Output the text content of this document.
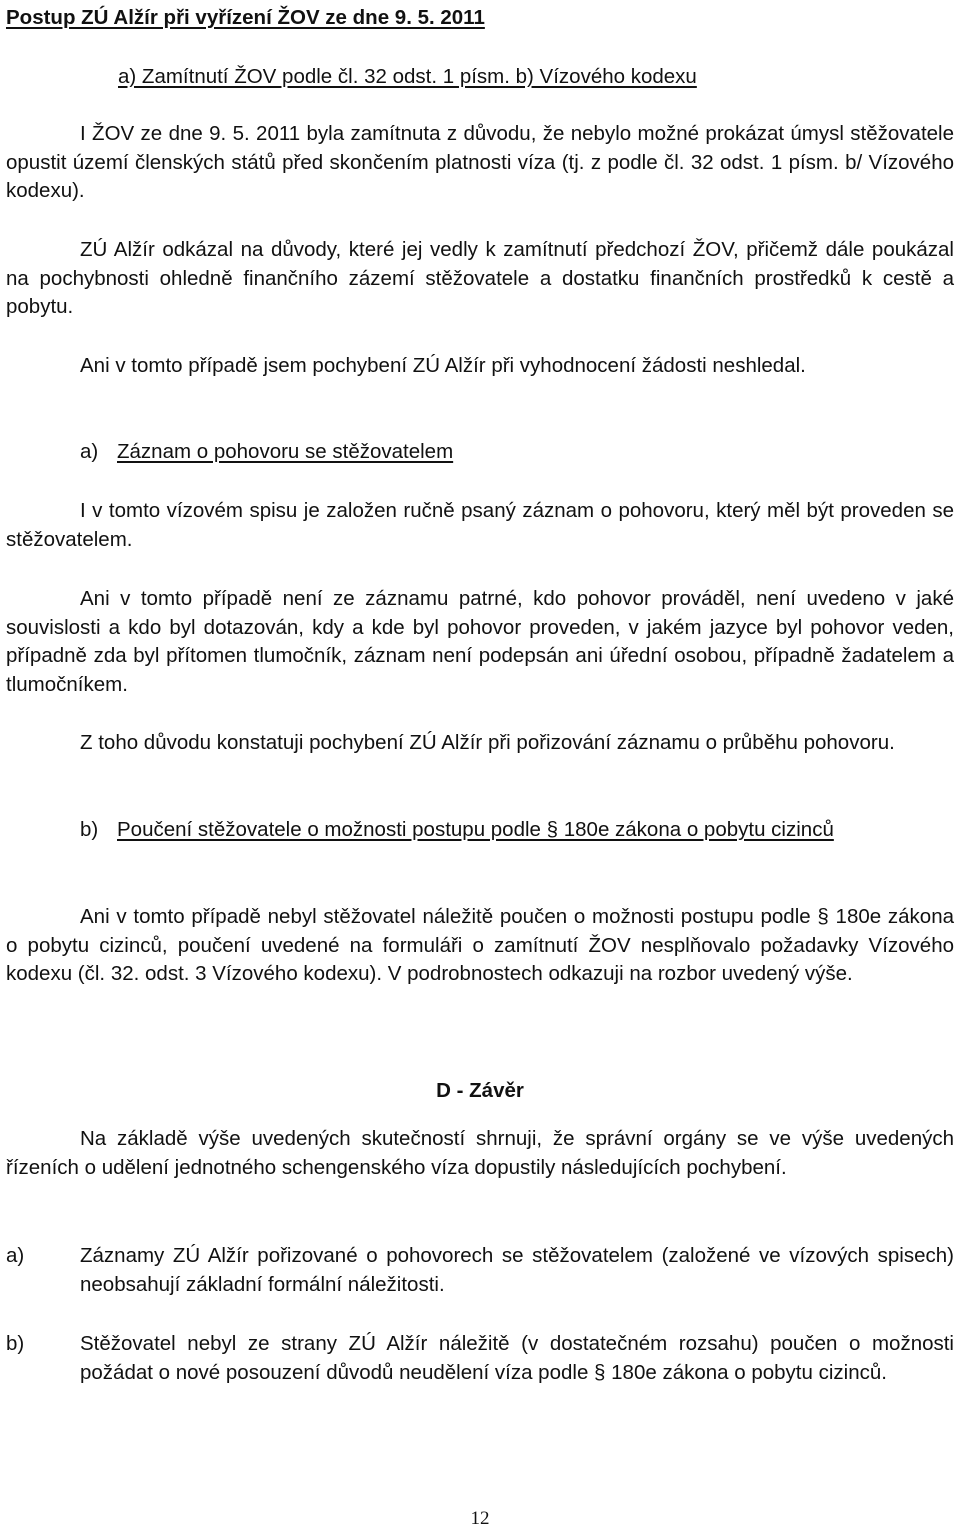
Postup ZÚ Alžír při vyřízení ŽOV ze dne 9. 5. 2011
a) Zamítnutí ŽOV podle čl. 32 odst. 1 písm. b) Vízového kodexu

I ŽOV ze dne 9. 5. 2011 byla zamítnuta z důvodu, že nebylo možné prokázat úmysl stěžovatele opustit území členských států před skončením platnosti víza (tj. z podle čl. 32 odst. 1 písm. b/ Vízového kodexu).

ZÚ Alžír odkázal na důvody, které jej vedly k zamítnutí předchozí ŽOV, přičemž dále poukázal na pochybnosti ohledně finančního zázemí stěžovatele a dostatku finančních prostředků k cestě a pobytu.

Ani v tomto případě jsem pochybení ZÚ Alžír při vyhodnocení žádosti neshledal.

a) Záznam o pohovoru se stěžovatelem

I v tomto vízovém spisu je založen ručně psaný záznam o pohovoru, který měl být proveden se stěžovatelem.

Ani v tomto případě není ze záznamu patrné, kdo pohovor prováděl, není uvedeno v jaké souvislosti a kdo byl dotazován, kdy a kde byl pohovor proveden, v jakém jazyce byl pohovor veden, případně zda byl přítomen tlumočník, záznam není podepsán ani úřední osobou, případně žadatelem a tlumočníkem.

Z toho důvodu konstatuji pochybení ZÚ Alžír při pořizování záznamu o průběhu pohovoru.

b) Poučení stěžovatele o možnosti postupu podle § 180e zákona o pobytu cizinců

Ani v tomto případě nebyl stěžovatel náležitě poučen o možnosti postupu podle § 180e zákona o pobytu cizinců, poučení uvedené na formuláři o zamítnutí ŽOV nesplňovalo požadavky Vízového kodexu (čl. 32. odst. 3 Vízového kodexu). V podrobnostech odkazuji na rozbor uvedený výše.

D - Závěr

Na základě výše uvedených skutečností shrnuji, že správní orgány se ve výše uvedených řízeních o udělení jednotného schengenského víza dopustily následujících pochybení.

a)	Záznamy ZÚ Alžír pořizované o pohovorech se stěžovatelem (založené ve vízových spisech) neobsahují základní formální náležitosti.
b)	Stěžovatel nebyl ze strany ZÚ Alžír náležitě (v dostatečném rozsahu) poučen o možnosti požádat o nové posouzení důvodů neudělení víza podle § 180e zákona o pobytu cizinců.
12
